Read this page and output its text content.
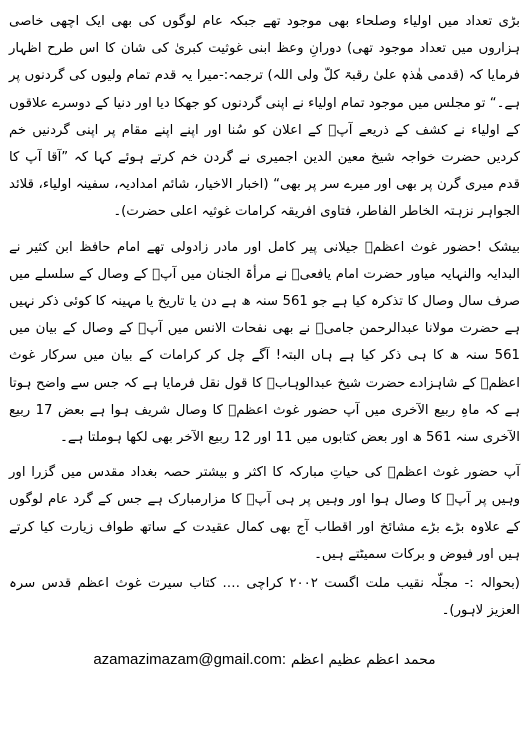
بڑی تعداد میں اولیاء وصلحاء بھی موجود تھے جبکہ عام لوگوں کی بھی ایک اچھی خاصی ہزاروں میں تعداد موجود تھی) دورانِ وعظ ابنی غوثیت کبریٰ کی شان کا اس طرح اظہار فرمایا کہ (قدمی ھٰذہٖ علیٰ رقبۃ کلّ ولی اللہ) ترجمہ:-میرا یہ قدم تمام ولیوں کی گردنوں پر ہے۔“ تو مجلس میں موجود تمام اولیاء نے اپنی گردنوں کو جھکا دیا اور دنیا کے دوسرے علاقوں کے اولیاء نے کشف کے ذریعے آپؒ کے اعلان کو سُنا اور اپنے اپنے مقام پر اپنی گردنیں خم کردیں حضرت خواجہ شیخ معین الدین اجمیری نے گردن خم کرتے ہوئے کہا کہ ”آقا آپ کا قدم میری گرن پر بھی اور میرے سر پر بھی“ (اخبار الاخیار، شائم امدادیہ، سفینہ اولیاء، قلائد الجواہر نزہتہ الخاطر الفاطر، فتاوی افریقہ کرامات غوثیہ اعلی حضرت)۔

بیشک !حضور غوث اعظمؒ جیلانی پیر کامل اور مادر زادولی تھے امام حافظ ابن کثیر نے البدایہ والنہایہ میاور حضرت امام یافعیؒ نے مرأۃ الجنان میں آپؒ کے وصال کے سلسلے میں صرف سال وصال کا تذکرہ کیا ہے جو 561 سنہ ھ ہے دن یا تاریخ یا مہینہ کا کوئی ذکر نہیں ہے حضرت مولانا عبدالرحمن جامیؒ نے بھی نفحات الانس میں آپؒ کے وصال کے بیان میں 561 سنہ ھ کا ہی ذکر کیا ہے ہاں البتہ! آگے چل کر کرامات کے بیان میں سرکار غوث اعظمؒ کے شاہزادے حضرت شیخ عبدالوہابؒ کا قول نقل فرمایا ہے کہ جس سے واضح ہوتا ہے کہ ماہِ ربیع الآخری میں آپ حضور غوث اعظمؒ کا وصال شریف ہوا ہے بعض 17 ربیع الآخری سنہ 561 ھ اور بعض کتابوں میں 11 اور 12 ربیع الآخر بھی لکھا ہوملتا ہے۔

آپ حضور غوث اعظمؒ کی حیاتِ مبارکہ کا اکثر و بیشتر حصہ بغداد مقدس میں گزرا اور وہیں پر آپؒ کا وصال ہوا اور وہیں پر ہی آپؒ کا مزارمبارک ہے جس کے گرد عام لوگوں کے علاوہ بڑے بڑے مشائخ اور اقطاب آج بھی کمال عقیدت کے ساتھ طواف زیارت کیا کرتے ہیں اور فیوض و برکات سمیٹتے ہیں۔

(بحوالہ :- مجلّہ نقیب ملت اگست ۲۰۰۲ کراچی …. کتاب سیرت غوث اعظم قدس سرہ العزیز لاہور)۔

azamazimazam@gmail.com: محمد اعظم عظیم اعظم
